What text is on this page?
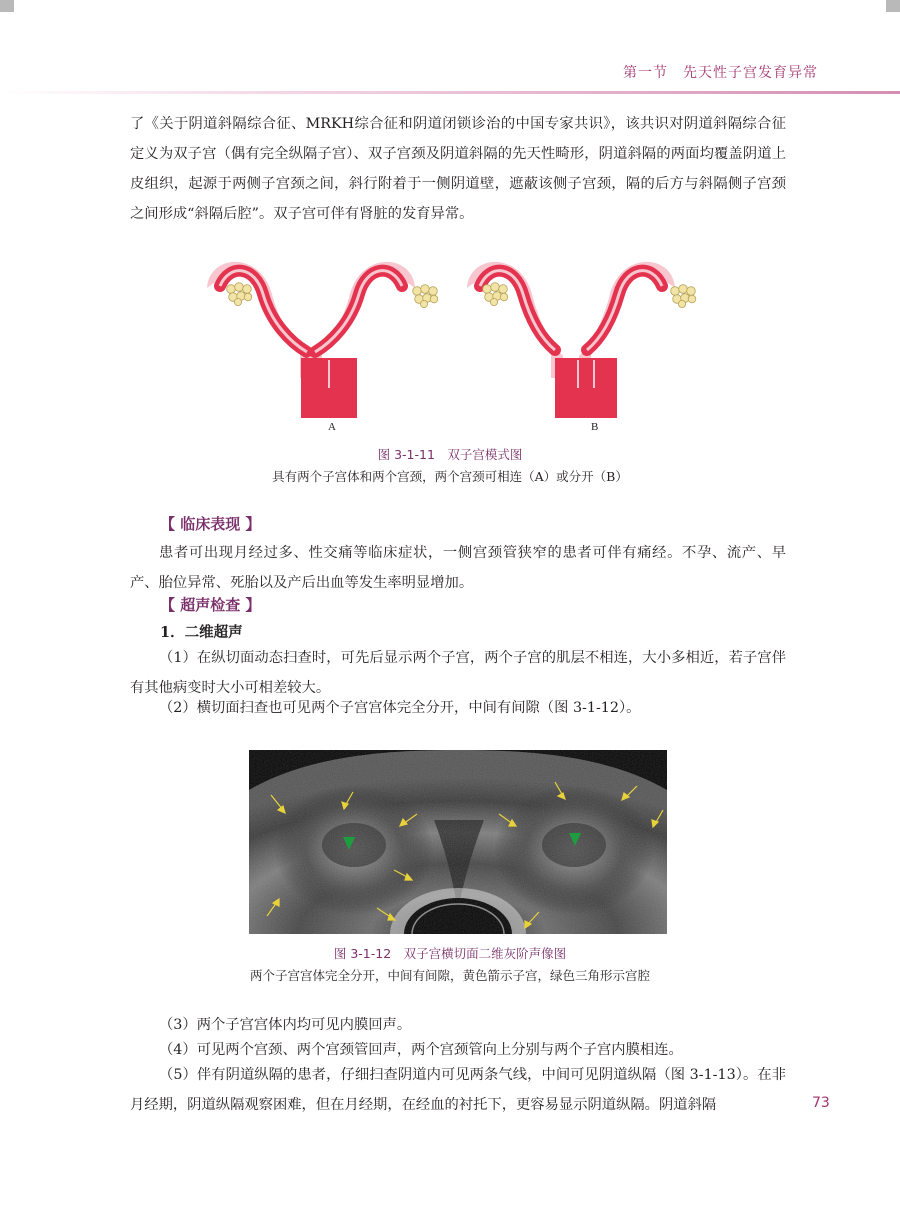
第一节　先天性子宫发育异常

了《关于阴道斜隔综合征、MRKH综合征和阴道闭锁诊治的中国专家共识》，该共识对阴道斜隔综合征定义为双子宫（偶有完全纵隔子宫）、双子宫颈及阴道斜隔的先天性畸形，阴道斜隔的两面均覆盖阴道上皮组织，起源于两侧子宫颈之间，斜行附着于一侧阴道壁，遮蔽该侧子宫颈，隔的后方与斜隔侧子宫颈之间形成“斜隔后腔”。双子宫可伴有肾脏的发育异常。

A	B
图 3-1-11　双子宫模式图
具有两个子宫体和两个宫颈，两个宫颈可相连（A）或分开（B）
【 临床表现 】

患者可出现月经过多、性交痛等临床症状，一侧宫颈管狭窄的患者可伴有痛经。不孕、流产、早产、胎位异常、死胎以及产后出血等发生率明显增加。

【 超声检查 】
1．二维超声

（1）在纵切面动态扫查时，可先后显示两个子宫，两个子宫的肌层不相连，大小多相近，若子宫伴有其他病变时大小可相差较大。

（2）横切面扫查也可见两个子宫宫体完全分开，中间有间隙（图 3-1-12）。

图 3-1-12　双子宫横切面二维灰阶声像图
两个子宫宫体完全分开，中间有间隙，黄色箭示子宫，绿色三角形示宫腔

（3）两个子宫宫体内均可见内膜回声。

（4）可见两个宫颈、两个宫颈管回声，两个宫颈管向上分别与两个子宫内膜相连。

（5）伴有阴道纵隔的患者，仔细扫查阴道内可见两条气线，中间可见阴道纵隔（图 3-1-13）。在非月经期，阴道纵隔观察困难，但在月经期，在经血的衬托下，更容易显示阴道纵隔。阴道斜隔	73
